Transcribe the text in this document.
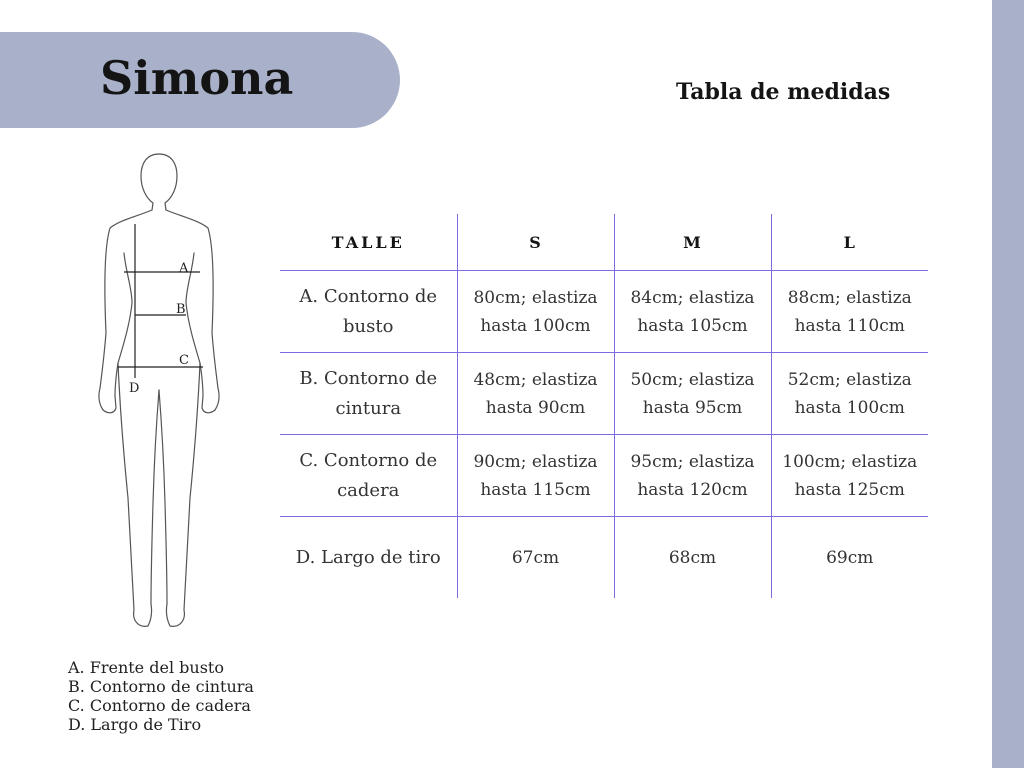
Simona	Tabla de medidas
A
B
C
D
TALLE	S	M	L
A. Contorno de busto	80cm; elastiza hasta 100cm	84cm; elastiza hasta 105cm	88cm; elastiza hasta 110cm
B. Contorno de cintura	48cm; elastiza hasta 90cm	50cm; elastiza hasta 95cm	52cm; elastiza hasta 100cm
C. Contorno de cadera	90cm; elastiza hasta 115cm	95cm; elastiza hasta 120cm	100cm; elastiza hasta 125cm
D. Largo de tiro	67cm	68cm	69cm
A. Frente del busto
B. Contorno de cintura
C. Contorno de cadera
D. Largo de Tiro
